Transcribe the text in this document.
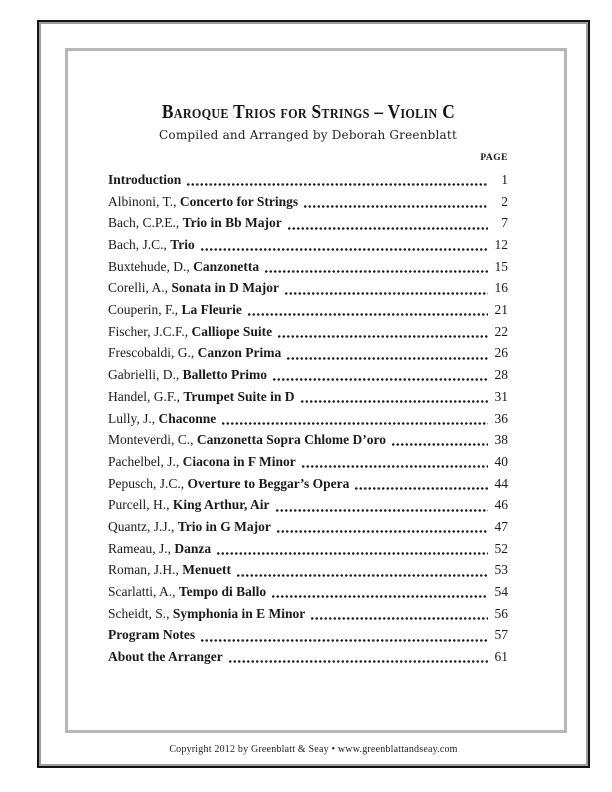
Baroque Trios for Strings – Violin C
Compiled and Arranged by Deborah Greenblatt
PAGE
Introduction	1
Albinoni, T., Concerto for Strings	2
Bach, C.P.E., Trio in Bb Major	7
Bach, J.C., Trio	12
Buxtehude, D., Canzonetta	15
Corelli, A., Sonata in D Major	16
Couperin, F., La Fleurie	21
Fischer, J.C.F., Calliope Suite	22
Frescobaldi, G., Canzon Prima	26
Gabrielli, D., Balletto Primo	28
Handel, G.F., Trumpet Suite in D	31
Lully, J., Chaconne	36
Monteverdi, C., Canzonetta Sopra Chlome D’oro	38
Pachelbel, J., Ciacona in F Minor	40
Pepusch, J.C., Overture to Beggar’s Opera	44
Purcell, H., King Arthur, Air	46
Quantz, J.J., Trio in G Major	47
Rameau, J., Danza	52
Roman, J.H., Menuett	53
Scarlatti, A., Tempo di Ballo	54
Scheidt, S., Symphonia in E Minor	56
Program Notes	57
About the Arranger	61
Copyright 2012 by Greenblatt & Seay • www.greenblattandseay.com
